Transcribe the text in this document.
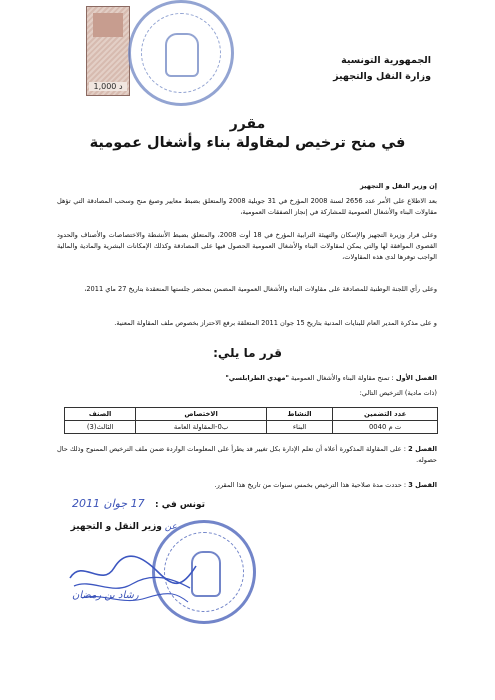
1,000 د
الجمهورية التونسية
وزارة النقل والتجهيز
مقرر
في منح ترخيص لمقاولة بناء وأشغال عمومية
إن وزير النقل و التجهيز
بعد الاطلاع على الأمر عدد 2656 لسنة 2008 المؤرخ في 31 جويلية 2008 والمتعلق بضبط معايير وصيغ منح وسحب المصادقة التي تؤهل مقاولات البناء والأشغال العمومية للمشاركة في إنجاز الصفقات العمومية،
وعلى قرار وزيرة التجهيز والإسكان والتهيئة الترابية المؤرخ في 18 أوت 2008، والمتعلق بضبط الأنشطة والاختصاصات والأصناف والحدود القصوى الموافقة لها والتي يمكن لمقاولات البناء والأشغال العمومية الحصول فيها على المصادقة وكذلك الإمكانات البشرية والمادية والمالية الواجب توفرها لدى هذه المقاولات،
وعلى رأي اللجنة الوطنية للمصادقة على مقاولات البناء والأشغال العمومية المضمن بمحضر جلستها المنعقدة بتاريخ 27 ماي 2011،
و على مذكرة المدير العام للبنايات المدنية بتاريخ 15 جوان 2011 المتعلقة برفع الاحتراز بخصوص ملف المقاولة المعنية.
قرر ما يلي:
الفصل الأول : تمنح مقاولة البناء والأشغال العمومية "مهدي الطرابلسي"
(ذات مادية) الترخيص التالي:
عدد التضمين	النشاط	الاختصاص	الصنف
ت م 0040	البناء	ب0-المقاولة العامة	الثالث(3)
الفصل 2 : على المقاولة المذكورة أعلاه أن تعلم الإدارة بكل تغيير قد يطرأ على المعلومات الواردة ضمن ملف الترخيص الممنوح وذلك حال حصوله.
الفصل 3 : حددت مدة صلاحية هذا الترخيص بخمس سنوات من تاريخ هذا المقرر.
تونس في :
17 جوان 2011
عن وزير النقل و التجهيز
رشاد بن رمضان
